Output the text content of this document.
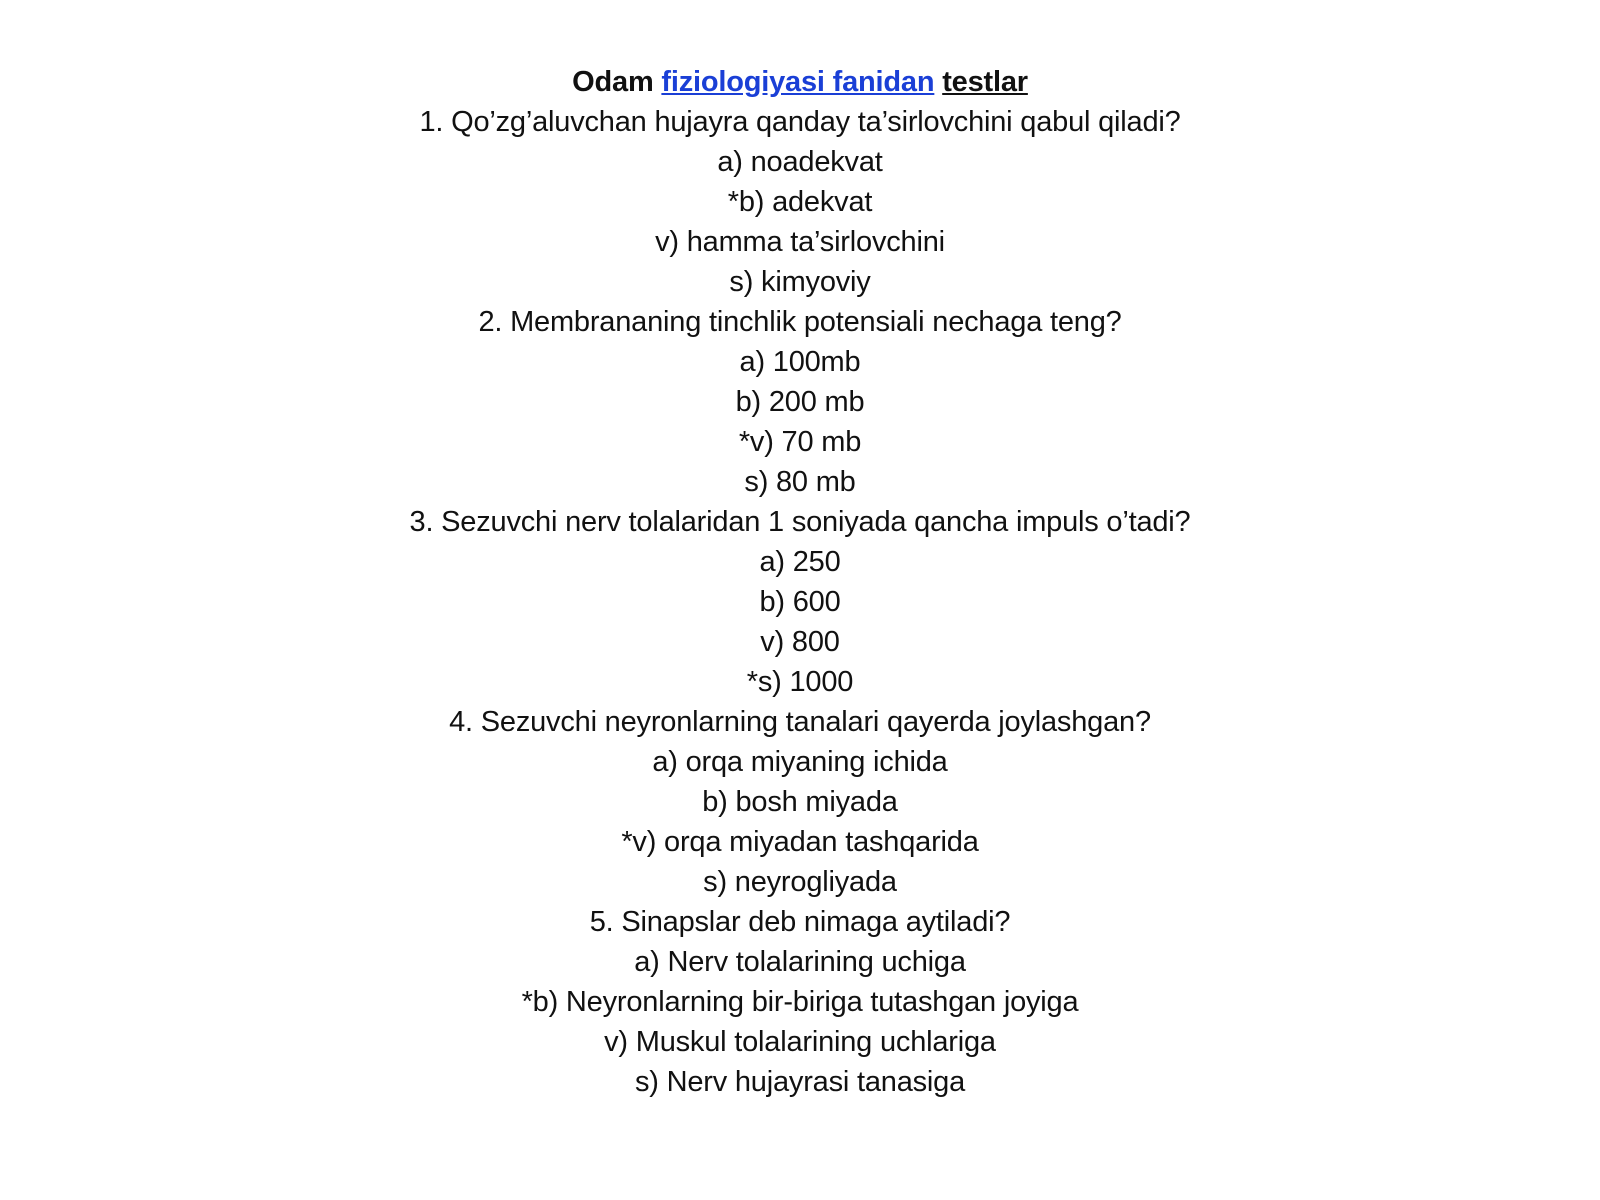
Odam fiziologiyasi fanidan testlar
1. Qo’zg’aluvchan hujayra qanday ta’sirlovchini qabul qiladi?
a) noadekvat
*b) adekvat
v) hamma ta’sirlovchini
s) kimyoviy
2. Membrananing tinchlik potensiali nechaga teng?
a) 100mb
b) 200 mb
*v) 70 mb
s) 80 mb
3. Sezuvchi nerv tolalaridan 1 soniyada qancha impuls o’tadi?
a) 250
b) 600
v) 800
*s) 1000
4. Sezuvchi neyronlarning tanalari qayerda joylashgan?
a) orqa miyaning ichida
b) bosh miyada
*v) orqa miyadan tashqarida
s) neyrogliyada
5. Sinapslar deb nimaga aytiladi?
a) Nerv tolalarining uchiga
*b) Neyronlarning bir-biriga tutashgan joyiga
v) Muskul tolalarining uchlariga
s) Nerv hujayrasi tanasiga
